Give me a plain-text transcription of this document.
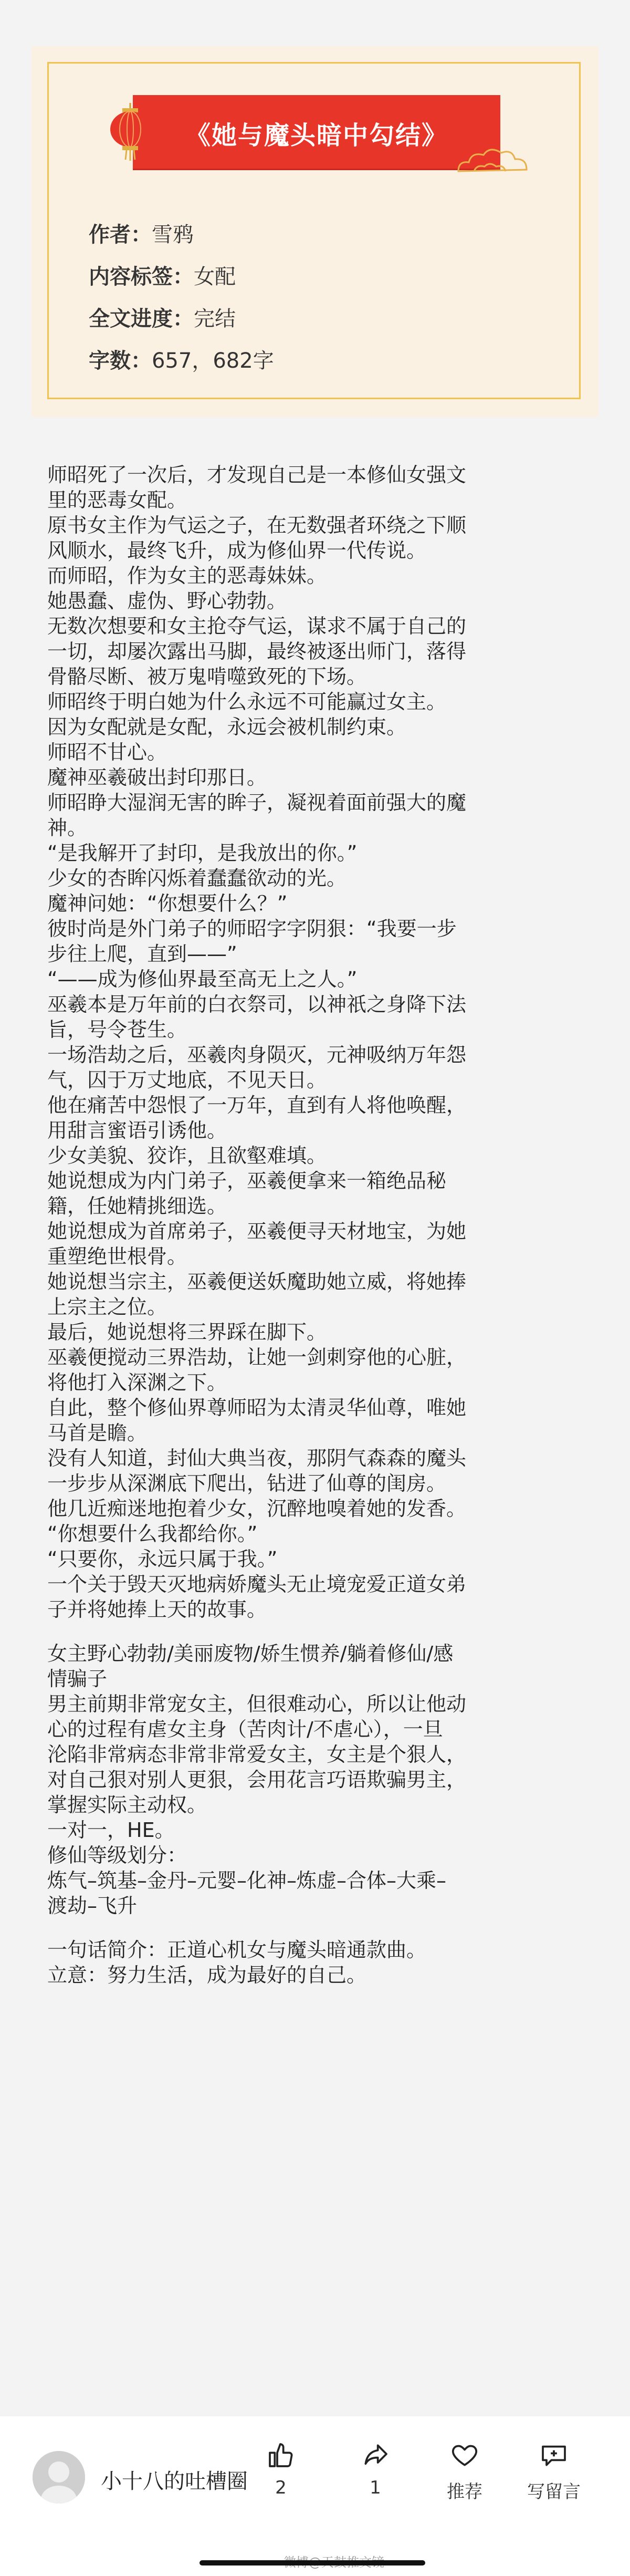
《她与魔头暗中勾结》
作者：雪鸦
内容标签：女配
全文进度：完结
字数：657，682字

师昭死了一次后，才发现自己是一本修仙女强文

里的恶毒女配。

原书女主作为气运之子，在无数强者环绕之下顺

风顺水，最终飞升，成为修仙界一代传说。

而师昭，作为女主的恶毒妹妹。

她愚蠢、虚伪、野心勃勃。

无数次想要和女主抢夺气运，谋求不属于自己的

一切，却屡次露出马脚，最终被逐出师门，落得

骨骼尽断、被万鬼啃噬致死的下场。

师昭终于明白她为什么永远不可能赢过女主。

因为女配就是女配，永远会被机制约束。

师昭不甘心。

魔神巫羲破出封印那日。

师昭睁大湿润无害的眸子，凝视着面前强大的魔

神。

“是我解开了封印，是我放出的你。”

少女的杏眸闪烁着蠢蠢欲动的光。

魔神问她：“你想要什么？”

彼时尚是外门弟子的师昭字字阴狠：“我要一步

步往上爬，直到——”

“——成为修仙界最至高无上之人。”

巫羲本是万年前的白衣祭司，以神祇之身降下法

旨，号令苍生。

一场浩劫之后，巫羲肉身陨灭，元神吸纳万年怨

气，囚于万丈地底，不见天日。

他在痛苦中怨恨了一万年，直到有人将他唤醒，

用甜言蜜语引诱他。

少女美貌、狡诈，且欲壑难填。

她说想成为内门弟子，巫羲便拿来一箱绝品秘

籍，任她精挑细选。

她说想成为首席弟子，巫羲便寻天材地宝，为她

重塑绝世根骨。

她说想当宗主，巫羲便送妖魔助她立威，将她捧

上宗主之位。

最后，她说想将三界踩在脚下。

巫羲便搅动三界浩劫，让她一剑刺穿他的心脏，

将他打入深渊之下。

自此，整个修仙界尊师昭为太清灵华仙尊，唯她

马首是瞻。

没有人知道，封仙大典当夜，那阴气森森的魔头

一步步从深渊底下爬出，钻进了仙尊的闺房。

他几近痴迷地抱着少女，沉醉地嗅着她的发香。

“你想要什么我都给你。”

“只要你，永远只属于我。”

一个关于毁天灭地病娇魔头无止境宠爱正道女弟

子并将她捧上天的故事。

女主野心勃勃/美丽废物/娇生惯养/躺着修仙/感

情骗子

男主前期非常宠女主，但很难动心，所以让他动

心的过程有虐女主身（苦肉计/不虐心），一旦

沦陷非常病态非常非常爱女主，女主是个狠人，

对自己狠对别人更狠，会用花言巧语欺骗男主，

掌握实际主动权。

一对一，HE。

修仙等级划分：

炼气–筑基–金丹–元婴–化神–炼虚–合体–大乘–

渡劫–飞升

一句话简介：正道心机女与魔头暗通款曲。

立意：努力生活，成为最好的自己。

小十八的吐槽圈	2	1	推荐	写留言
